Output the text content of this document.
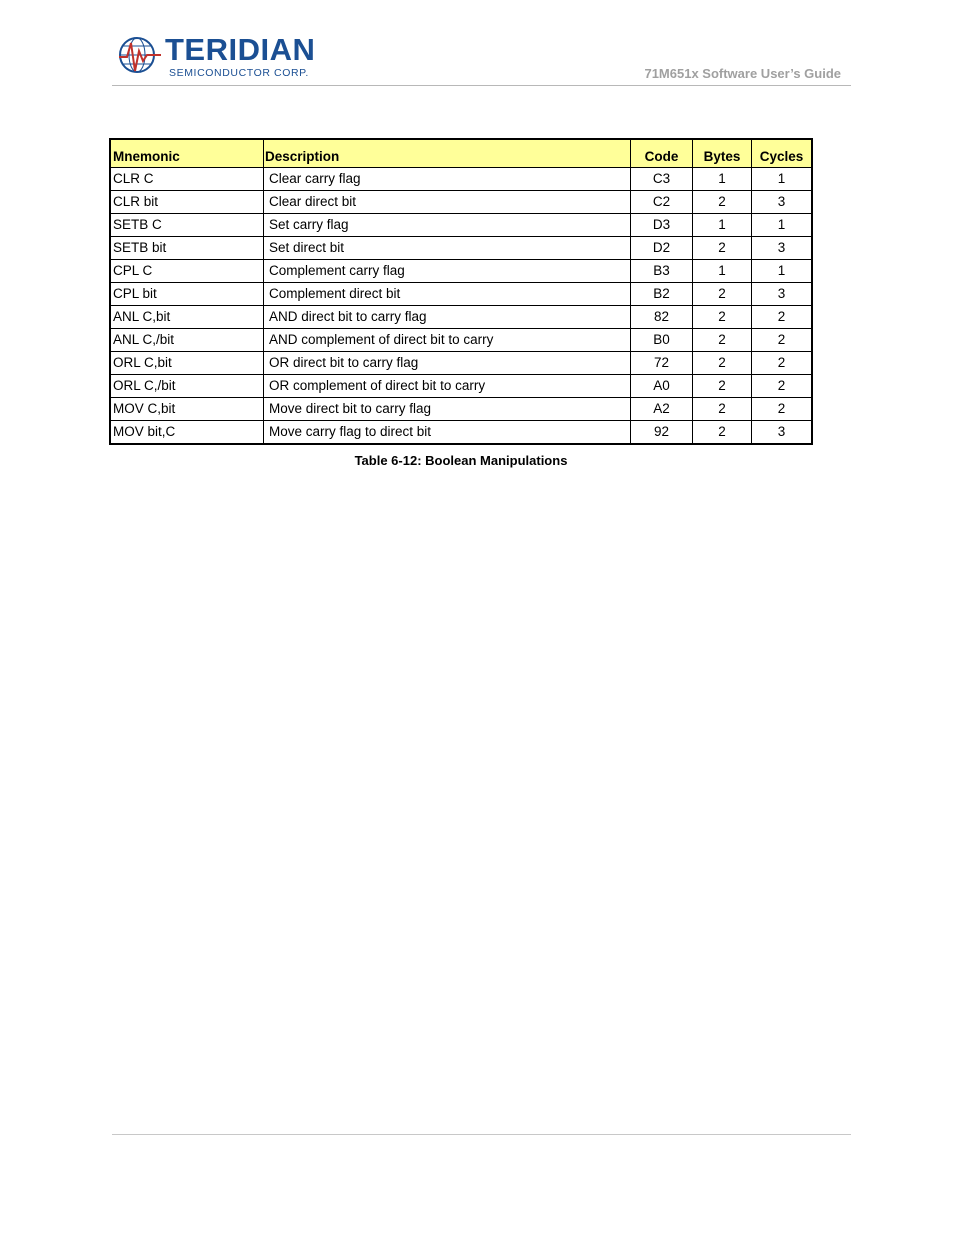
TERIDIAN
SEMICONDUCTOR CORP.	71M651x Software User’s Guide
Mnemonic	Description	Code	Bytes	Cycles
CLR C	Clear carry flag	C3	1	1
CLR bit	Clear direct bit	C2	2	3
SETB C	Set carry flag	D3	1	1
SETB bit	Set direct bit	D2	2	3
CPL C	Complement carry flag	B3	1	1
CPL bit	Complement direct bit	B2	2	3
ANL C,bit	AND direct bit to carry flag	82	2	2
ANL C,/bit	AND complement of direct bit to carry	B0	2	2
ORL C,bit	OR direct bit to carry flag	72	2	2
ORL C,/bit	OR complement of direct bit to carry	A0	2	2
MOV C,bit	Move direct bit to carry flag	A2	2	2
MOV bit,C	Move carry flag to direct bit	92	2	3
Table 6-12: Boolean Manipulations
